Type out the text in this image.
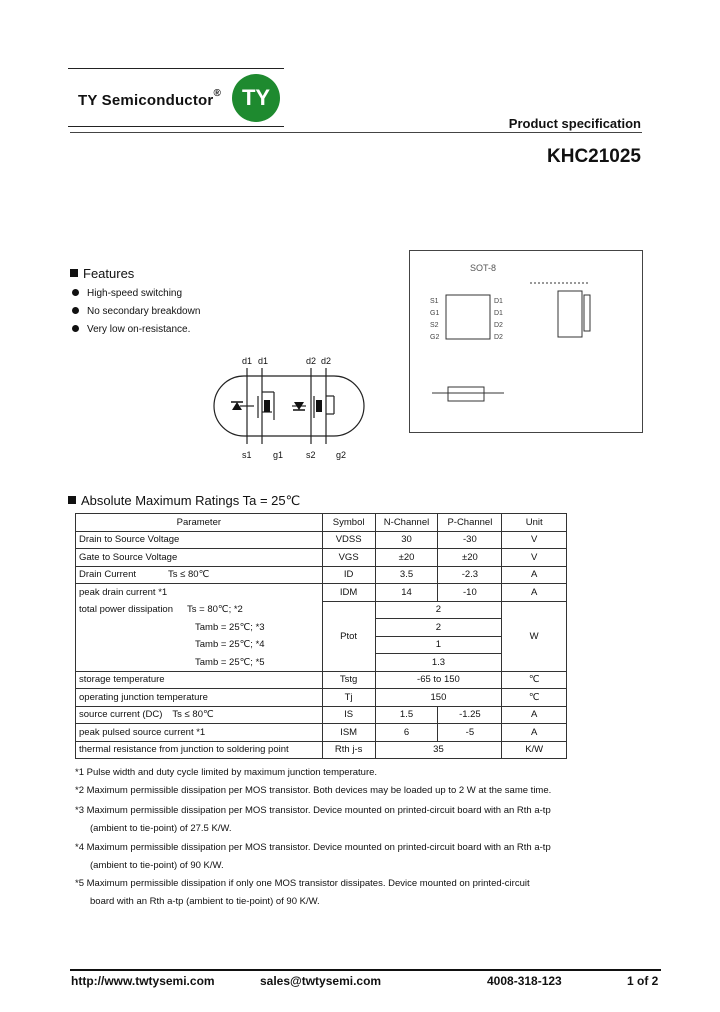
TY Semiconductor® TY
Product specification
KHC21025
Features
High-speed switching
No secondary breakdown
Very low on-resistance.
d1 d1	d2 d2
s1 g1	s2 g2
SOT-8
S1
G1
S2
G2
D1
D1
D2
D2
Absolute Maximum Ratings Ta = 25℃
Parameter	Symbol	N-Channel	P-Channel	Unit
Drain to Source Voltage	VDSS	30	-30	V
Gate to Source Voltage	VGS	±20	±20	V
Drain Current Ts ≤ 80℃	ID	3.5	-2.3	A
peak drain current *1	IDM	14	-10	A
total power dissipation Ts = 80℃; *2	Ptot	2		W
Tamb = 25℃; *3		2		
Tamb = 25℃; *4		1		
Tamb = 25℃; *5		1.3		
storage temperature	Tstg	-65 to 150		℃
operating junction temperature	Tj	150		℃
source current (DC) Ts ≤ 80℃	IS	1.5	-1.25	A
peak pulsed source current *1	ISM	6	-5	A
thermal resistance from junction to soldering point	Rth j-s	35		K/W
*1 Pulse width and duty cycle limited by maximum junction temperature.
*2 Maximum permissible dissipation per MOS transistor. Both devices may be loaded up to 2 W at the same time.
*3 Maximum permissible dissipation per MOS transistor. Device mounted on printed-circuit board with an Rth a-tp
(ambient to tie-point) of 27.5 K/W.
*4 Maximum permissible dissipation per MOS transistor. Device mounted on printed-circuit board with an Rth a-tp
(ambient to tie-point) of 90 K/W.
*5 Maximum permissible dissipation if only one MOS transistor dissipates. Device mounted on printed-circuit
board with an Rth a-tp (ambient to tie-point) of 90 K/W.
http://www.twtysemi.com	sales@twtysemi.com	4008-318-123	1 of 2
